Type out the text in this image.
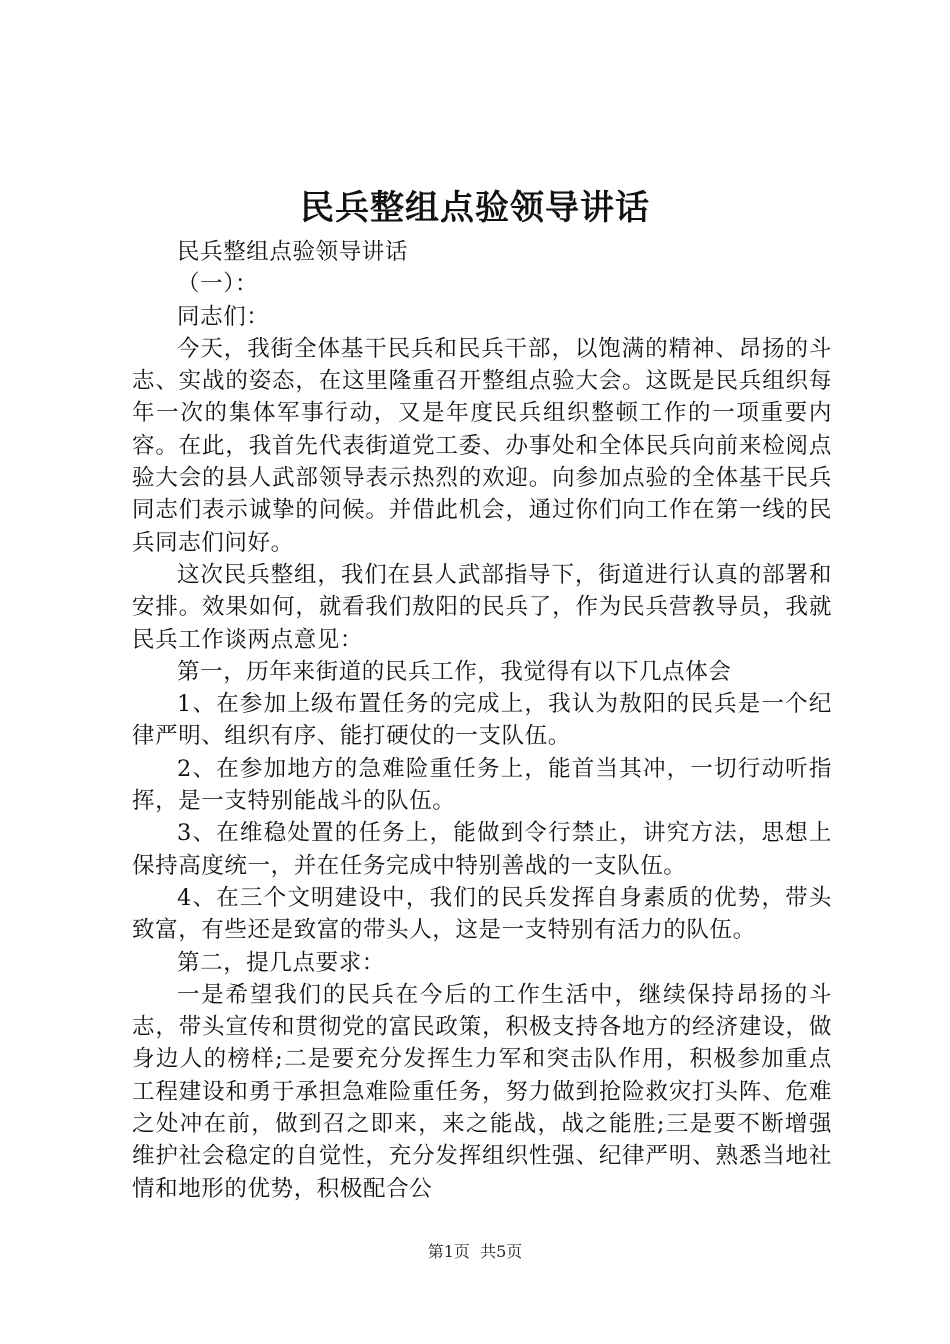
民兵整组点验领导讲话

民兵整组点验领导讲话

（一）：

同志们：

今天，我街全体基干民兵和民兵干部，以饱满的精神、昂扬的斗志、实战的姿态，在这里隆重召开整组点验大会。这既是民兵组织每年一次的集体军事行动，又是年度民兵组织整顿工作的一项重要内容。在此，我首先代表街道党工委、办事处和全体民兵向前来检阅点验大会的县人武部领导表示热烈的欢迎。向参加点验的全体基干民兵同志们表示诚挚的问候。并借此机会，通过你们向工作在第一线的民兵同志们问好。

这次民兵整组，我们在县人武部指导下，街道进行认真的部署和安排。效果如何，就看我们敖阳的民兵了，作为民兵营教导员，我就民兵工作谈两点意见：

第一，历年来街道的民兵工作，我觉得有以下几点体会

1、在参加上级布置任务的完成上，我认为敖阳的民兵是一个纪律严明、组织有序、能打硬仗的一支队伍。

2、在参加地方的急难险重任务上，能首当其冲，一切行动听指挥，是一支特别能战斗的队伍。

3、在维稳处置的任务上，能做到令行禁止，讲究方法，思想上保持高度统一，并在任务完成中特别善战的一支队伍。

4、在三个文明建设中，我们的民兵发挥自身素质的优势，带头致富，有些还是致富的带头人，这是一支特别有活力的队伍。

第二，提几点要求：

一是希望我们的民兵在今后的工作生活中，继续保持昂扬的斗志，带头宣传和贯彻党的富民政策，积极支持各地方的经济建设，做身边人的榜样;二是要充分发挥生力军和突击队作用，积极参加重点工程建设和勇于承担急难险重任务，努力做到抢险救灾打头阵、危难之处冲在前，做到召之即来，来之能战，战之能胜;三是要不断增强维护社会稳定的自觉性，充分发挥组织性强、纪律严明、熟悉当地社情和地形的优势，积极配合公

第1页 共5页
